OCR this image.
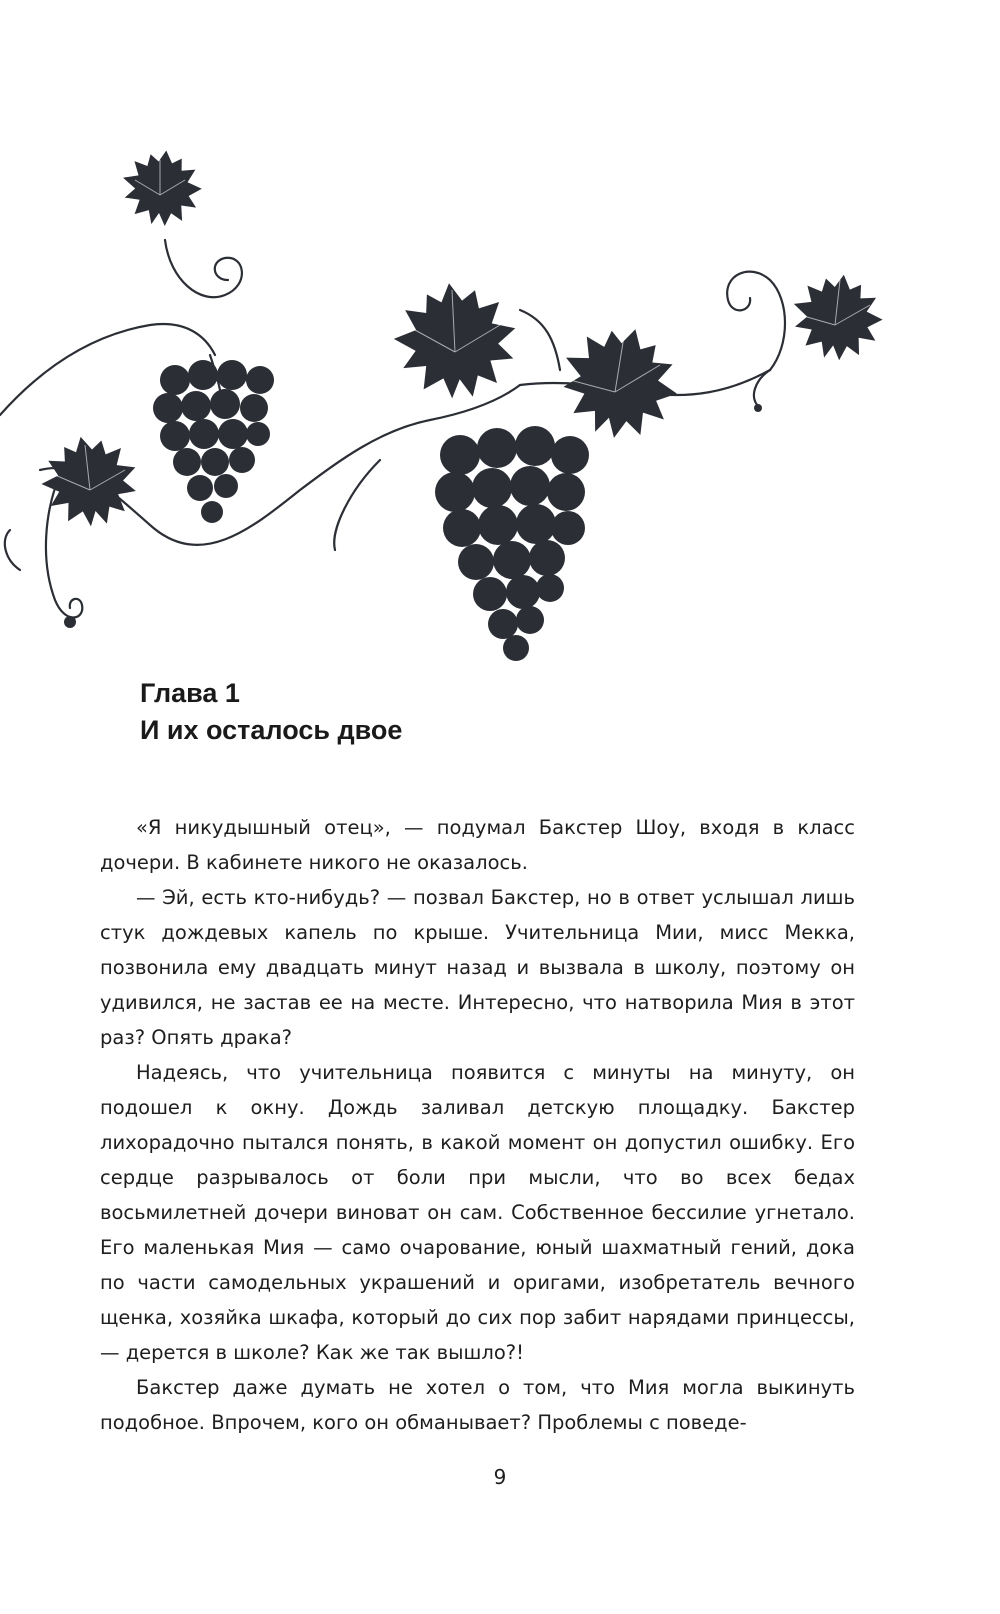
Глава 1
И их осталось двое

«Я никудышный отец», — подумал Бакстер Шоу, входя в класс дочери. В кабинете никого не оказалось.

— Эй, есть кто-нибудь? — позвал Бакстер, но в ответ услышал лишь стук дождевых капель по крыше. Учительница Мии, мисс Мекка, позвонила ему двадцать минут назад и вызвала в школу, поэтому он удивился, не застав ее на месте. Интересно, что натворила Мия в этот раз? Опять драка?

Надеясь, что учительница появится с минуты на минуту, он подошел к окну. Дождь заливал детскую площадку. Бакстер лихорадочно пытался понять, в какой момент он допустил ошибку. Его сердце разрывалось от боли при мысли, что во всех бедах восьмилетней дочери виноват он сам. Собственное бессилие угнетало. Его маленькая Мия — само очарование, юный шахматный гений, дока по части самодельных украшений и оригами, изобретатель вечного щенка, хозяйка шкафа, который до сих пор забит нарядами принцессы, — дерется в школе? Как же так вышло?!

Бакстер даже думать не хотел о том, что Мия могла выкинуть подобное. Впрочем, кого он обманывает? Проблемы с поведе-

9
